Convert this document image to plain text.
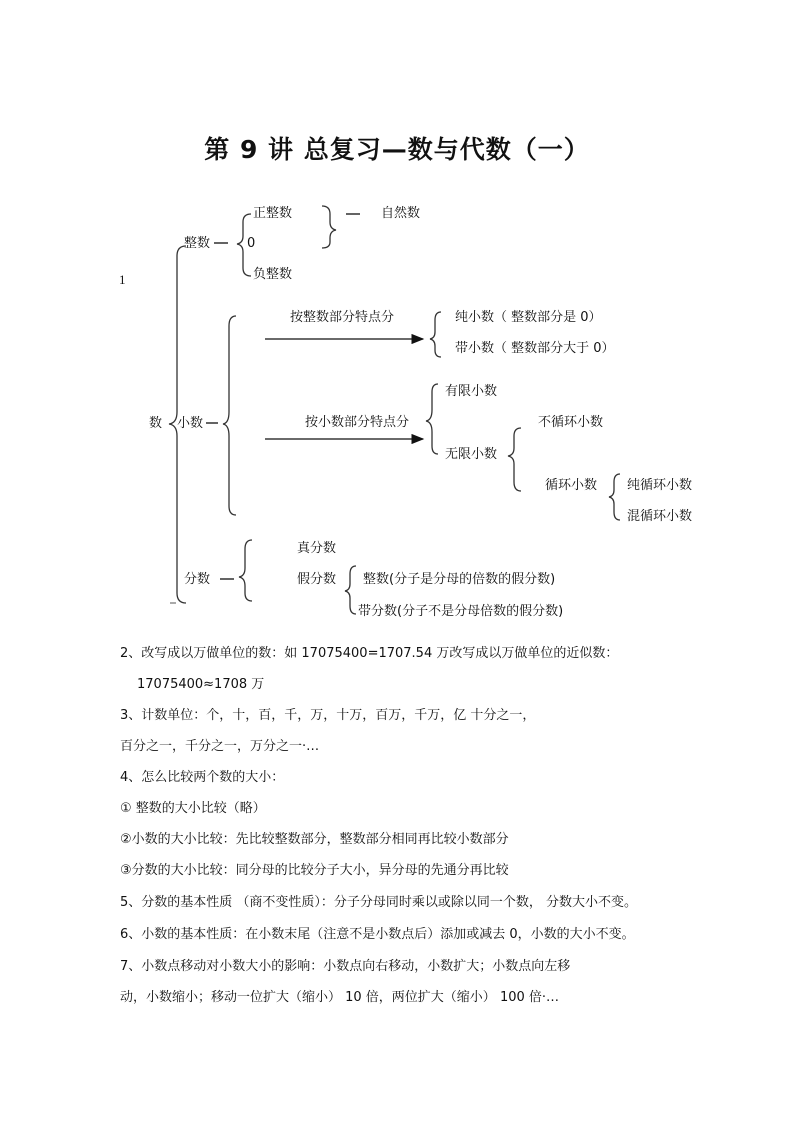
第 9 讲 总复习—数与代数（一）
1
数
整数
正整数
0
负整数
自然数
小数
按整数部分特点分	纯小数（ 整数部分是 0）
带小数（ 整数部分大于 0）
按小数部分特点分
有限小数
无限小数
不循环小数
循环小数 纯循环小数
混循环小数
分数
真分数
假分数 整数(分子是分母的倍数的假分数)
带分数(分子不是分母倍数的假分数)
2、改写成以万做单位的数：如 17075400=1707.54 万改写成以万做单位的近似数：
17075400≈1708 万
3、计数单位：个，十，百，千，万，十万，百万，千万，亿 十分之一，
百分之一，千分之一，万分之一·…
4、怎么比较两个数的大小：
① 整数的大小比较（略）
②小数的大小比较：先比较整数部分，整数部分相同再比较小数部分
③分数的大小比较：同分母的比较分子大小，异分母的先通分再比较
5、分数的基本性质 （商不变性质）：分子分母同时乘以或除以同一个数， 分数大小不变。
6、小数的基本性质：在小数末尾（注意不是小数点后）添加或减去 0，小数的大小不变。
7、小数点移动对小数大小的影响：小数点向右移动，小数扩大；小数点向左移
动，小数缩小；移动一位扩大（缩小） 10 倍，两位扩大（缩小） 100 倍·…
